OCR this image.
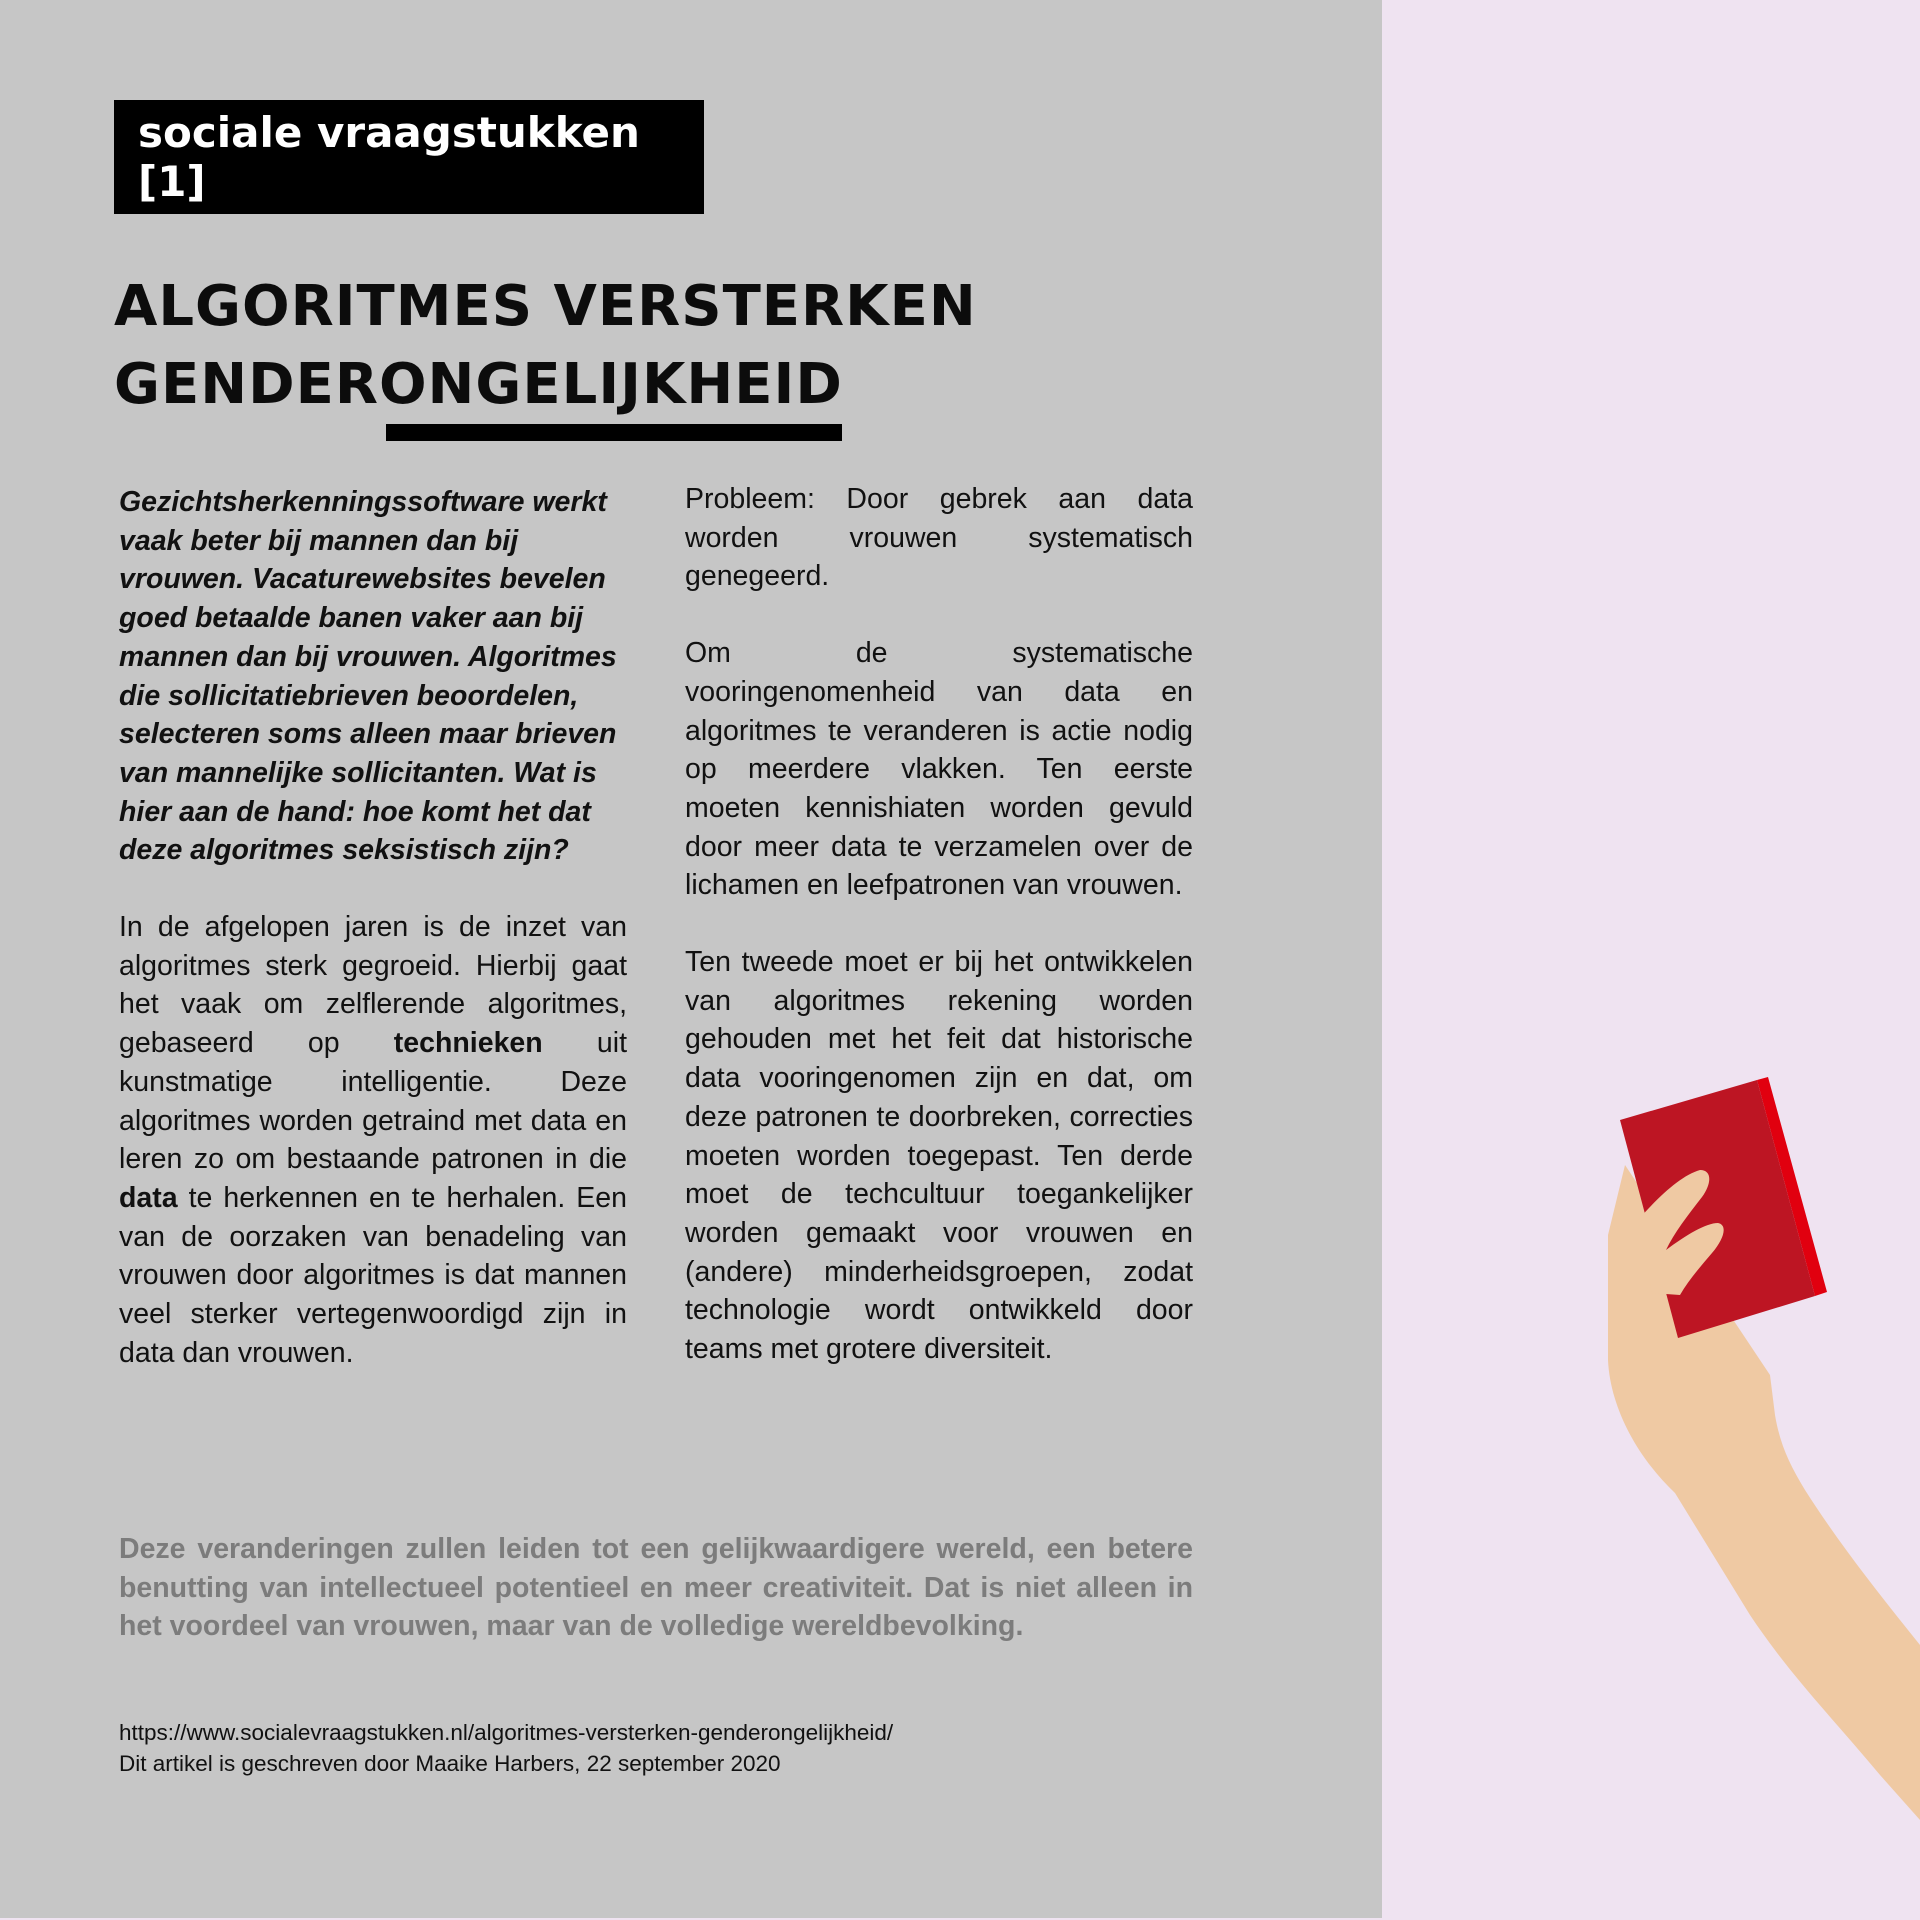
sociale vraagstukken [1]
ALGORITMES VERSTERKEN
GENDERONGELIJKHEID

Gezichtsherkenningssoftware werkt vaak beter bij mannen dan bij vrouwen. Vacaturewebsites bevelen goed betaalde banen vaker aan bij mannen dan bij vrouwen. Algoritmes die sollicitatiebrieven beoordelen, selecteren soms alleen maar brieven van mannelijke sollicitanten. Wat is hier aan de hand: hoe komt het dat deze algoritmes seksistisch zijn?

In de afgelopen jaren is de inzet van algoritmes sterk gegroeid. Hierbij gaat het vaak om zelflerende algoritmes, gebaseerd op technieken uit kunstmatige intelligentie. Deze algoritmes worden getraind met data en leren zo om bestaande patronen in die data te herkennen en te herhalen. Een van de oorzaken van benadeling van vrouwen door algoritmes is dat mannen veel sterker vertegenwoordigd zijn in data dan vrouwen.

Probleem: Door gebrek aan data worden vrouwen systematisch genegeerd.

Om de systematische vooringenomenheid van data en algoritmes te veranderen is actie nodig op meerdere vlakken. Ten eerste moeten kennishiaten worden gevuld door meer data te verzamelen over de lichamen en leefpatronen van vrouwen.

Ten tweede moet er bij het ontwikkelen van algoritmes rekening worden gehouden met het feit dat historische data vooringenomen zijn en dat, om deze patronen te doorbreken, correcties moeten worden toegepast. Ten derde moet de techcultuur toegankelijker worden gemaakt voor vrouwen en (andere) minderheidsgroepen, zodat technologie wordt ontwikkeld door teams met grotere diversiteit.

Deze veranderingen zullen leiden tot een gelijkwaardigere wereld, een betere benutting van intellectueel potentieel en meer creativiteit. Dat is niet alleen in het voordeel van vrouwen, maar van de volledige wereldbevolking.

https://www.socialevraagstukken.nl/algoritmes-versterken-genderongelijkheid/
Dit artikel is geschreven door Maaike Harbers, 22 september 2020
